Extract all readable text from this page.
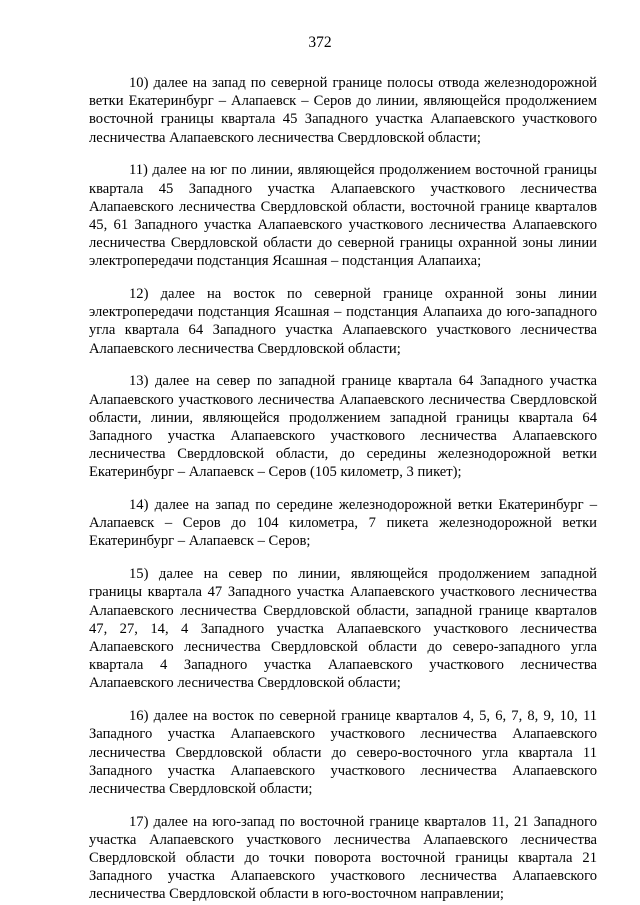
372

10) далее на запад по северной границе полосы отвода железнодорожной ветки Екатеринбург – Алапаевск – Серов до линии, являющейся продолжением восточной границы квартала 45 Западного участка Алапаевского участкового лесничества Алапаевского лесничества Свердловской области;

11) далее на юг по линии, являющейся продолжением восточной границы квартала 45 Западного участка Алапаевского участкового лесничества Алапаевского лесничества Свердловской области, восточной границе кварталов 45, 61 Западного участка Алапаевского участкового лесничества Алапаевского лесничества Свердловской области до северной границы охранной зоны линии электропередачи подстанция Ясашная – подстанция Алапаиха;

12) далее на восток по северной границе охранной зоны линии электропередачи подстанция Ясашная – подстанция Алапаиха до юго-западного угла квартала 64 Западного участка Алапаевского участкового лесничества Алапаевского лесничества Свердловской области;

13) далее на север по западной границе квартала 64 Западного участка Алапаевского участкового лесничества Алапаевского лесничества Свердловской области, линии, являющейся продолжением западной границы квартала 64 Западного участка Алапаевского участкового лесничества Алапаевского лесничества Свердловской области, до середины железнодорожной ветки Екатеринбург – Алапаевск – Серов (105 километр, 3 пикет);

14) далее на запад по середине железнодорожной ветки Екатеринбург – Алапаевск – Серов до 104 километра, 7 пикета железнодорожной ветки Екатеринбург – Алапаевск – Серов;

15) далее на север по линии, являющейся продолжением западной границы квартала 47 Западного участка Алапаевского участкового лесничества Алапаевского лесничества Свердловской области, западной границе кварталов 47, 27, 14, 4 Западного участка Алапаевского участкового лесничества Алапаевского лесничества Свердловской области до северо-западного угла квартала 4 Западного участка Алапаевского участкового лесничества Алапаевского лесничества Свердловской области;

16) далее на восток по северной границе кварталов 4, 5, 6, 7, 8, 9, 10, 11 Западного участка Алапаевского участкового лесничества Алапаевского лесничества Свердловской области до северо-восточного угла квартала 11 Западного участка Алапаевского участкового лесничества Алапаевского лесничества Свердловской области;

17) далее на юго-запад по восточной границе кварталов 11, 21 Западного участка Алапаевского участкового лесничества Алапаевского лесничества Свердловской области до точки поворота восточной границы квартала 21 Западного участка Алапаевского участкового лесничества Алапаевского лесничества Свердловской области в юго-восточном направлении;
